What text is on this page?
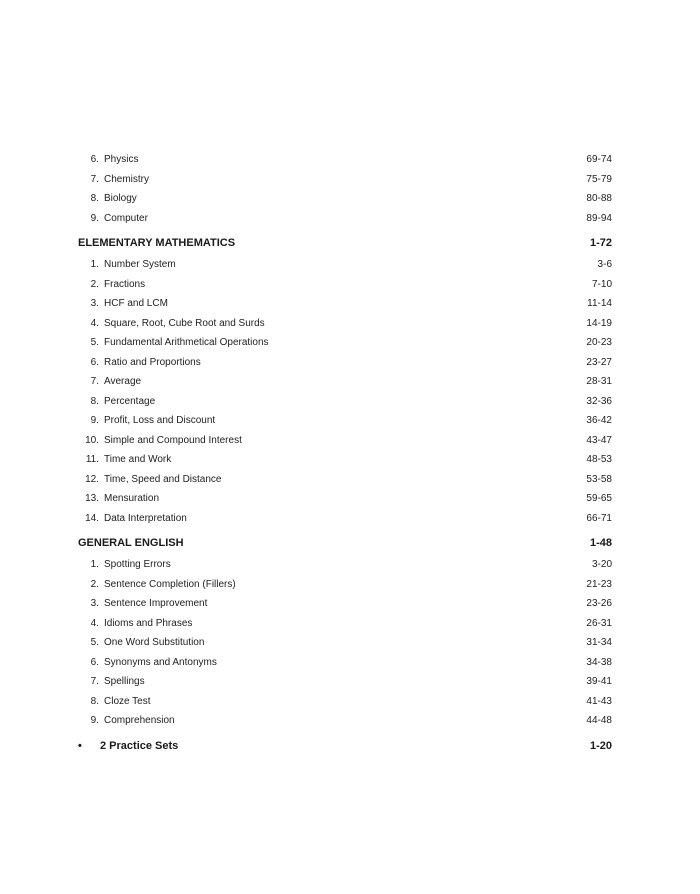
6. Physics	69-74
7. Chemistry	75-79
8. Biology	80-88
9. Computer	89-94
ELEMENTARY MATHEMATICS	1-72
1. Number System	3-6
2. Fractions	7-10
3. HCF and LCM	11-14
4. Square, Root, Cube Root and Surds	14-19
5. Fundamental Arithmetical Operations	20-23
6. Ratio and Proportions	23-27
7. Average	28-31
8. Percentage	32-36
9. Profit, Loss and Discount	36-42
10. Simple and Compound Interest	43-47
11. Time and Work	48-53
12. Time, Speed and Distance	53-58
13. Mensuration	59-65
14. Data Interpretation	66-71
GENERAL ENGLISH	1-48
1. Spotting Errors	3-20
2. Sentence Completion (Fillers)	21-23
3. Sentence Improvement	23-26
4. Idioms and Phrases	26-31
5. One Word Substitution	31-34
6. Synonyms and Antonyms	34-38
7. Spellings	39-41
8. Cloze Test	41-43
9. Comprehension	44-48
•	2 Practice Sets	1-20
